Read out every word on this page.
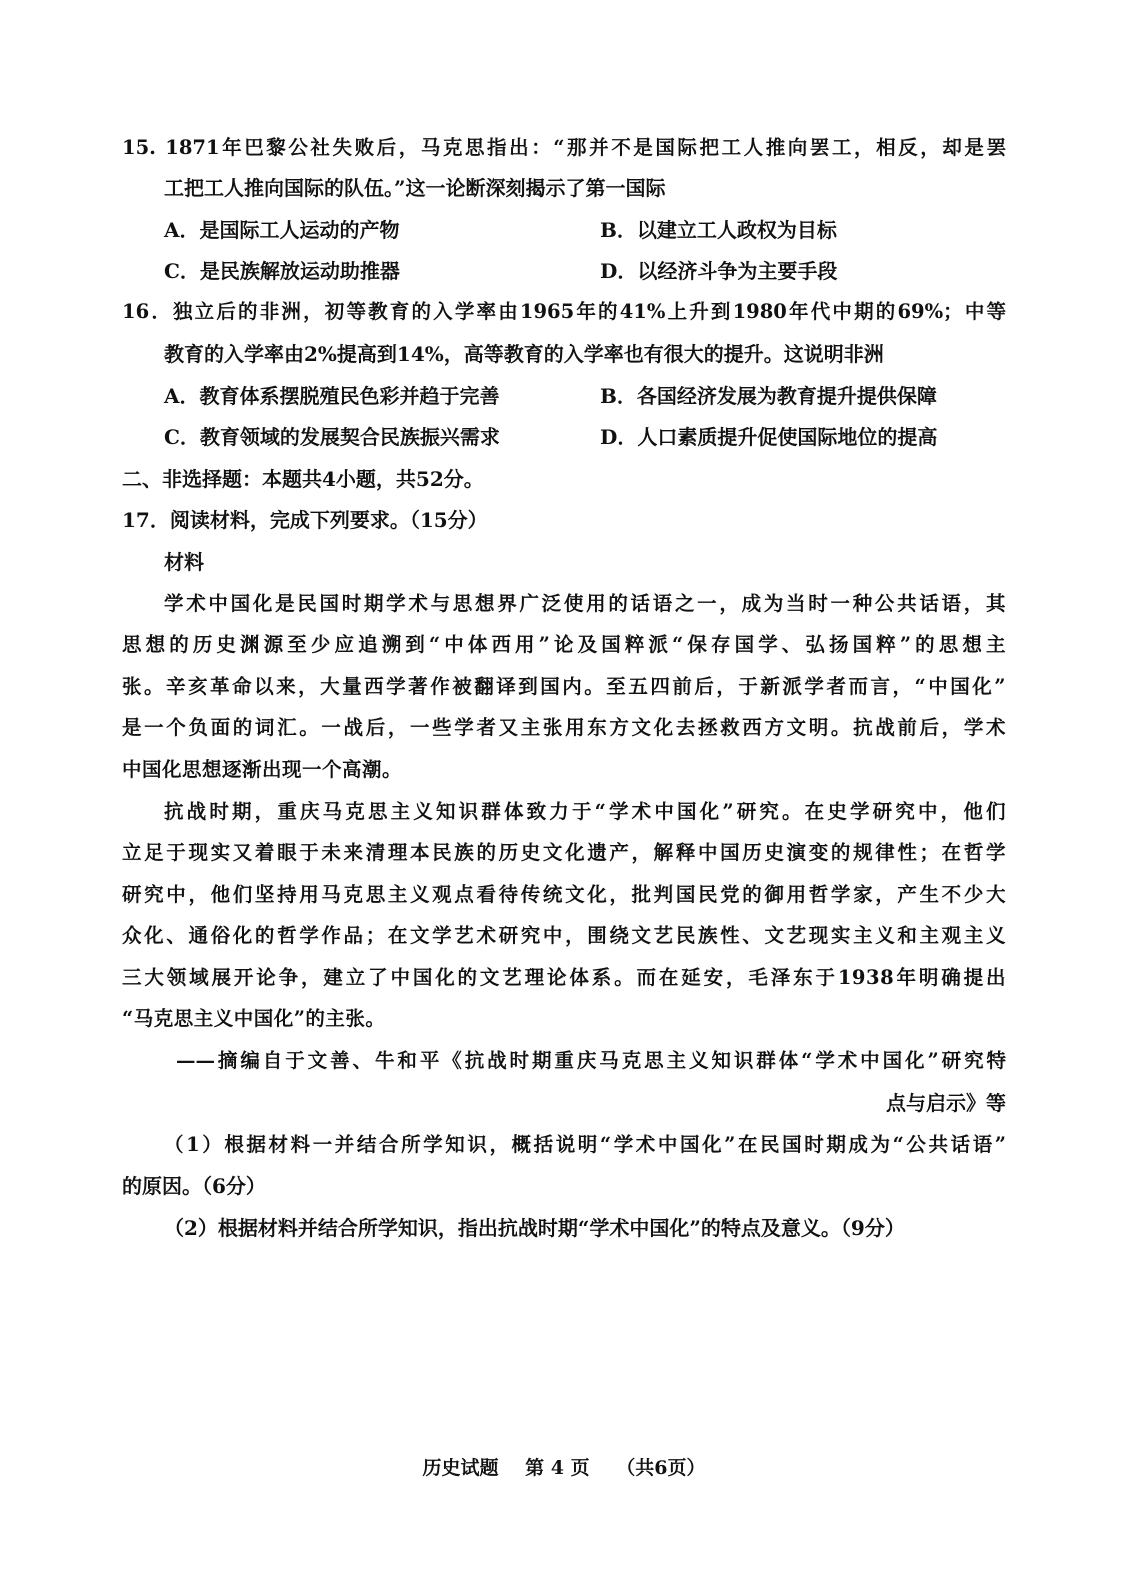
15. 1871年巴黎公社失败后，马克思指出：“那并不是国际把工人推向罢工，相反，却是罢
工把工人推向国际的队伍。”这一论断深刻揭示了第一国际
A．是国际工人运动的产物	B．以建立工人政权为目标
C．是民族解放运动助推器	D．以经济斗争为主要手段
16．独立后的非洲，初等教育的入学率由1965年的41%上升到1980年代中期的69%；中等
教育的入学率由2%提高到14%，高等教育的入学率也有很大的提升。这说明非洲
A．教育体系摆脱殖民色彩并趋于完善	B．各国经济发展为教育提升提供保障
C．教育领域的发展契合民族振兴需求	D．人口素质提升促使国际地位的提高
二、非选择题：本题共4小题，共52分。
17．阅读材料，完成下列要求。（15分）
材料
学术中国化是民国时期学术与思想界广泛使用的话语之一，成为当时一种公共话语，其
思想的历史渊源至少应追溯到“中体西用”论及国粹派“保存国学、弘扬国粹”的思想主
张。辛亥革命以来，大量西学著作被翻译到国内。至五四前后，于新派学者而言，“中国化”
是一个负面的词汇。一战后，一些学者又主张用东方文化去拯救西方文明。抗战前后，学术
中国化思想逐渐出现一个高潮。
抗战时期，重庆马克思主义知识群体致力于“学术中国化”研究。在史学研究中，他们
立足于现实又着眼于未来清理本民族的历史文化遗产，解释中国历史演变的规律性；在哲学
研究中，他们坚持用马克思主义观点看待传统文化，批判国民党的御用哲学家，产生不少大
众化、通俗化的哲学作品；在文学艺术研究中，围绕文艺民族性、文艺现实主义和主观主义
三大领域展开论争，建立了中国化的文艺理论体系。而在延安，毛泽东于1938年明确提出
“马克思主义中国化”的主张。
——摘编自于文善、牛和平《抗战时期重庆马克思主义知识群体“学术中国化”研究特
点与启示》等
（1）根据材料一并结合所学知识，概括说明“学术中国化”在民国时期成为“公共话语”
的原因。（6分）
（2）根据材料并结合所学知识，指出抗战时期“学术中国化”的特点及意义。（9分）
历史试题 第 4 页 （共6页）
